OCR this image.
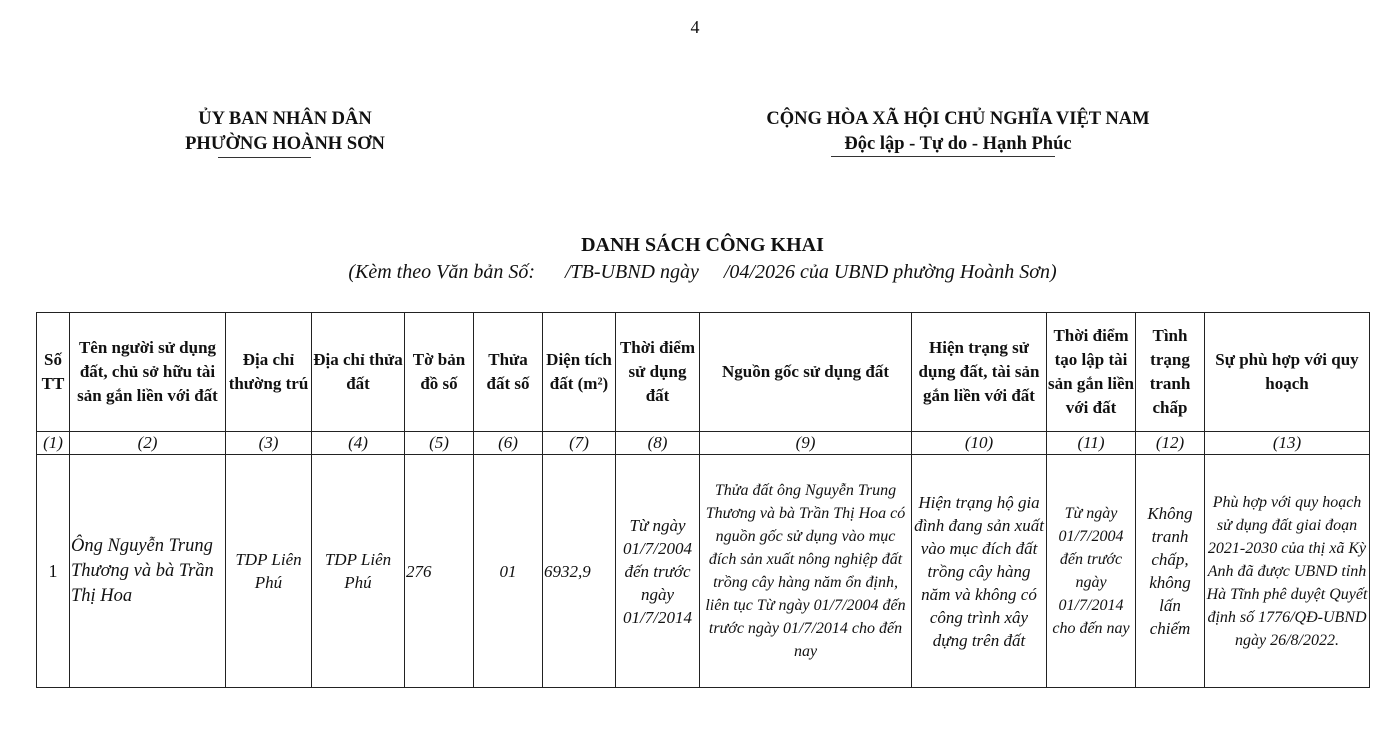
4
ỦY BAN NHÂN DÂN
PHƯỜNG HOÀNH SƠN
CỘNG HÒA XÃ HỘI CHỦ NGHĨA VIỆT NAM
Độc lập - Tự do - Hạnh Phúc
DANH SÁCH CÔNG KHAI
(Kèm theo Văn bản Số:      /TB-UBND ngày     /04/2026 của UBND phường Hoành Sơn)
Số TT	Tên người sử dụng đất, chủ sở hữu tài sản gắn liền với đất	Địa chỉ thường trú	Địa chỉ thửa đất	Tờ bản đồ số	Thửa đất số	Diện tích đất (m²)	Thời điểm sử dụng đất	Nguồn gốc sử dụng đất	Hiện trạng sử dụng đất, tài sản gắn liền với đất	Thời điểm tạo lập tài sản gắn liền với đất	Tình trạng tranh chấp	Sự phù hợp với quy hoạch
(1)	(2)	(3)	(4)	(5)	(6)	(7)	(8)	(9)	(10)	(11)	(12)	(13)
1	Ông Nguyễn Trung Thương và bà Trần Thị Hoa	TDP Liên Phú	TDP Liên Phú	276	01	6932,9	Từ ngày 01/7/2004 đến trước ngày 01/7/2014	Thửa đất ông Nguyễn Trung Thương và bà Trần Thị Hoa có nguồn gốc sử dụng vào mục đích sản xuất nông nghiệp đất trồng cây hàng năm ổn định, liên tục Từ ngày 01/7/2004 đến trước ngày 01/7/2014 cho đến nay	Hiện trạng hộ gia đình đang sản xuất vào mục đích đất trồng cây hàng năm và không có công trình xây dựng trên đất	Từ ngày 01/7/2004 đến trước ngày 01/7/2014 cho đến nay	Không tranh chấp, không lấn chiếm	Phù hợp với quy hoạch sử dụng đất giai đoạn 2021-2030 của thị xã Kỳ Anh đã được UBND tỉnh Hà Tĩnh phê duyệt Quyết định số 1776/QĐ-UBND ngày 26/8/2022.
